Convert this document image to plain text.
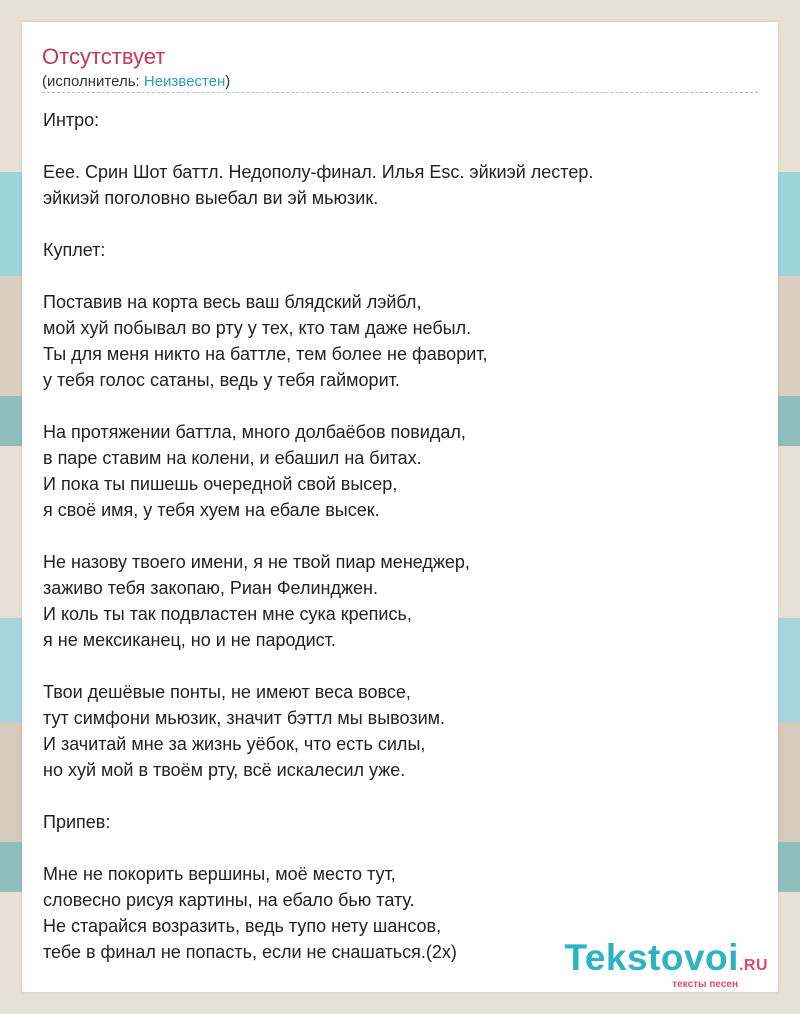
Отсутствует
(исполнитель: Неизвестен)
Интро:
Еее. Срин Шот баттл. Недополу-финал. Илья Esc. эйкиэй лестер.
эйкиэй поголовно выебал ви эй мьюзик.
Куплет:
Поставив на корта весь ваш блядский лэйбл,
мой хуй побывал во рту у тех, кто там даже небыл.
Ты для меня никто на баттле, тем более не фаворит,
у тебя голос сатаны, ведь у тебя гайморит.
На протяжении баттла, много долбаёбов повидал,
в паре ставим на колени, и ебашил на битах.
И пока ты пишешь очередной свой высер,
я своё имя, у тебя хуем на ебале высек.
Не назову твоего имени, я не твой пиар менеджер,
заживо тебя закопаю, Риан Фелинджен.
И коль ты так подвластен мне сука крепись,
я не мексиканец, но и не пародист.
Твои дешёвые понты, не имеют веса вовсе,
тут симфони мьюзик, значит бэттл мы вывозим.
И зачитай мне за жизнь уёбок, что есть силы,
но хуй мой в твоём рту, всё искалесил уже.
Припев:
Мне не покорить вершины, моё место тут,
словесно рисуя картины, на ебало бью тату.
Не старайся возразить, ведь тупо нету шансов,
тебе в финал не попасть, если не снашаться.(2x)	Tekstovoi.RU
тексты песен
